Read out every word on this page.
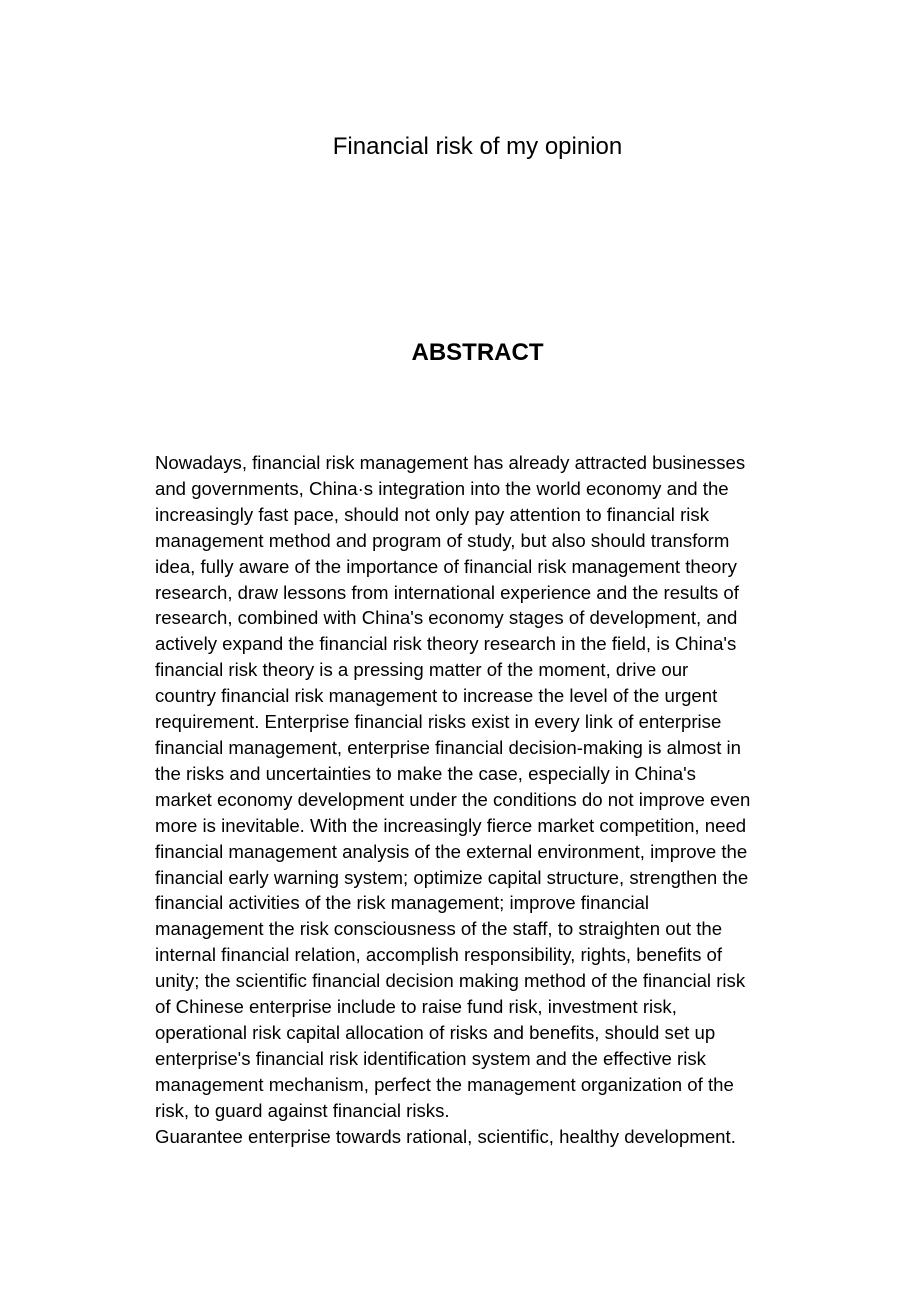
Financial risk of my opinion
ABSTRACT
Nowadays, financial risk management has already attracted businesses
and governments, China·s integration into the world economy and the
increasingly fast pace, should not only pay attention to financial risk
management method and program of study, but also should transform
idea, fully aware of the importance of financial risk management theory
research, draw lessons from international experience and the results of
research, combined with China's economy stages of development, and
actively expand the financial risk theory research in the field, is China's
financial risk theory is a pressing matter of the moment, drive our
country financial risk management to increase the level of the urgent
requirement. Enterprise financial risks exist in every link of enterprise
financial management, enterprise financial decision-making is almost in
the risks and uncertainties to make the case, especially in China's
market economy development under the conditions do not improve even
more is inevitable. With the increasingly fierce market competition, need
financial management analysis of the external environment, improve the
financial early warning system; optimize capital structure, strengthen the
financial activities of the risk management; improve financial
management the risk consciousness of the staff, to straighten out the
internal financial relation, accomplish responsibility, rights, benefits of
unity; the scientific financial decision making method of the financial risk
of Chinese enterprise include to raise fund risk, investment risk,
operational risk capital allocation of risks and benefits, should set up
enterprise's financial risk identification system and the effective risk
management mechanism, perfect the management organization of the
risk, to guard against financial risks.
Guarantee enterprise towards rational, scientific, healthy development.
